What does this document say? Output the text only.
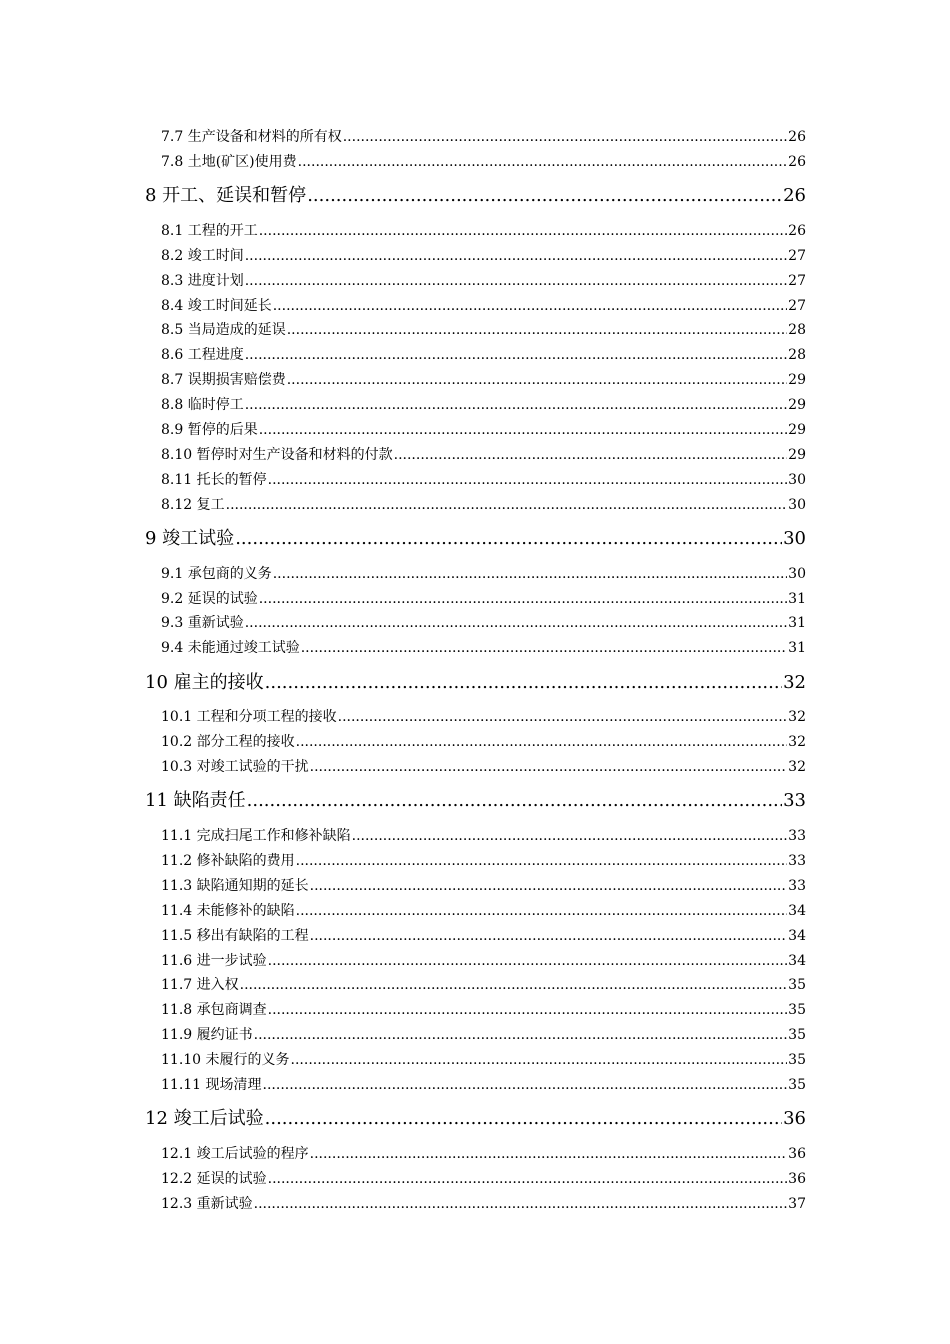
7.7 生产设备和材料的所有权 .....	26
7.8 土地(矿区)使用费 .....	26
8 开工、延误和暂停 .....	26
8.1 工程的开工 .....	26
8.2 竣工时间 .....	27
8.3 进度计划 .....	27
8.4 竣工时间延长 .....	27
8.5 当局造成的延误 .....	28
8.6 工程进度 .....	28
8.7 误期损害赔偿费 .....	29
8.8 临时停工 .....	29
8.9 暂停的后果 .....	29
8.10 暂停时对生产设备和材料的付款 .....	29
8.11 托长的暂停 .....	30
8.12 复工 .....	30
9 竣工试验 .....	30
9.1 承包商的义务 .....	30
9.2 延误的试验 .....	31
9.3 重新试验 .....	31
9.4 未能通过竣工试验 .....	31
10 雇主的接收 .....	32
10.1 工程和分项工程的接收 .....	32
10.2 部分工程的接收 .....	32
10.3 对竣工试验的干扰 .....	32
11 缺陷责任 .....	33
11.1 完成扫尾工作和修补缺陷 .....	33
11.2 修补缺陷的费用 .....	33
11.3 缺陷通知期的延长 .....	33
11.4 未能修补的缺陷 .....	34
11.5 移出有缺陷的工程 .....	34
11.6 进一步试验 .....	34
11.7 进入权 .....	35
11.8 承包商调查 .....	35
11.9 履约证书 .....	35
11.10 未履行的义务 .....	35
11.11 现场清理 .....	35
12 竣工后试验 .....	36
12.1 竣工后试验的程序 .....	36
12.2 延误的试验 .....	36
12.3 重新试验 .....	37
